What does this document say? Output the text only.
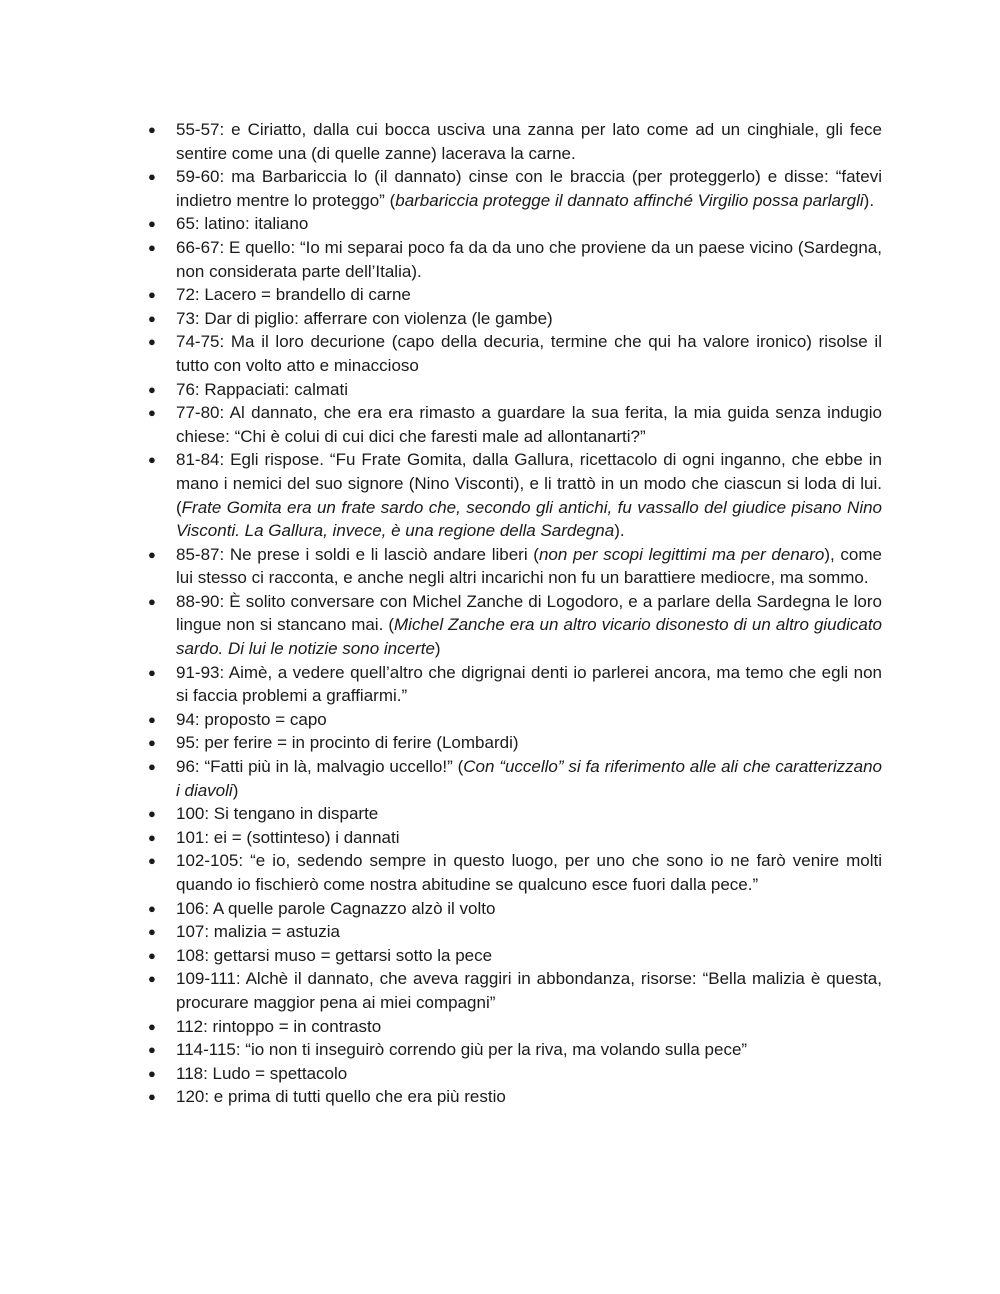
●	55-57: e Ciriatto, dalla cui bocca usciva una zanna per lato come ad un cinghiale, gli fece sentire come una (di quelle zanne) lacerava la carne.
●	59-60: ma Barbariccia lo (il dannato) cinse con le braccia (per proteggerlo) e disse: “fatevi indietro mentre lo proteggo” (barbariccia protegge il dannato affinché Virgilio possa parlargli).
●	65: latino: italiano
●	66-67: E quello: “Io mi separai poco fa da da uno che proviene da un paese vicino (Sardegna, non considerata parte dell’Italia).
●	72: Lacero = brandello di carne
●	73: Dar di piglio: afferrare con violenza (le gambe)
●	74-75: Ma il loro decurione (capo della decuria, termine che qui ha valore ironico) risolse il tutto con volto atto e minaccioso
●	76: Rappaciati: calmati
●	77-80: Al dannato, che era era rimasto a guardare la sua ferita, la mia guida senza indugio chiese: “Chi è colui di cui dici che faresti male ad allontanarti?”
●	81-84: Egli rispose. “Fu Frate Gomita, dalla Gallura, ricettacolo di ogni inganno, che ebbe in mano i nemici del suo signore (Nino Visconti), e li trattò in un modo che ciascun si loda di lui. (Frate Gomita era un frate sardo che, secondo gli antichi, fu vassallo del giudice pisano Nino Visconti. La Gallura, invece, è una regione della Sardegna).
●	85-87: Ne prese i soldi e li lasciò andare liberi (non per scopi legittimi ma per denaro), come lui stesso ci racconta, e anche negli altri incarichi non fu un barattiere mediocre, ma sommo.
●	88-90: È solito conversare con Michel Zanche di Logodoro, e a parlare della Sardegna le loro lingue non si stancano mai. (Michel Zanche era un altro vicario disonesto di un altro giudicato sardo. Di lui le notizie sono incerte)
●	91-93: Aimè, a vedere quell’altro che digrignai denti io parlerei ancora, ma temo che egli non si faccia problemi a graffiarmi.”
●	94: proposto = capo
●	95: per ferire = in procinto di ferire (Lombardi)
●	96: “Fatti più in là, malvagio uccello!” (Con “uccello” si fa riferimento alle ali che caratterizzano i diavoli)
●	100: Si tengano in disparte
●	101: ei = (sottinteso) i dannati
●	102-105: “e io, sedendo sempre in questo luogo, per uno che sono io ne farò venire molti quando io fischierò come nostra abitudine se qualcuno esce fuori dalla pece.”
●	106: A quelle parole Cagnazzo alzò il volto
●	107: malizia = astuzia
●	108: gettarsi muso = gettarsi sotto la pece
●	109-111: Alchè il dannato, che aveva raggiri in abbondanza, risorse: “Bella malizia è questa, procurare maggior pena ai miei compagni”
●	112: rintoppo = in contrasto
●	114-115: “io non ti inseguirò correndo giù per la riva, ma volando sulla pece”
●	118: Ludo = spettacolo
●	120: e prima di tutti quello che era più restio
